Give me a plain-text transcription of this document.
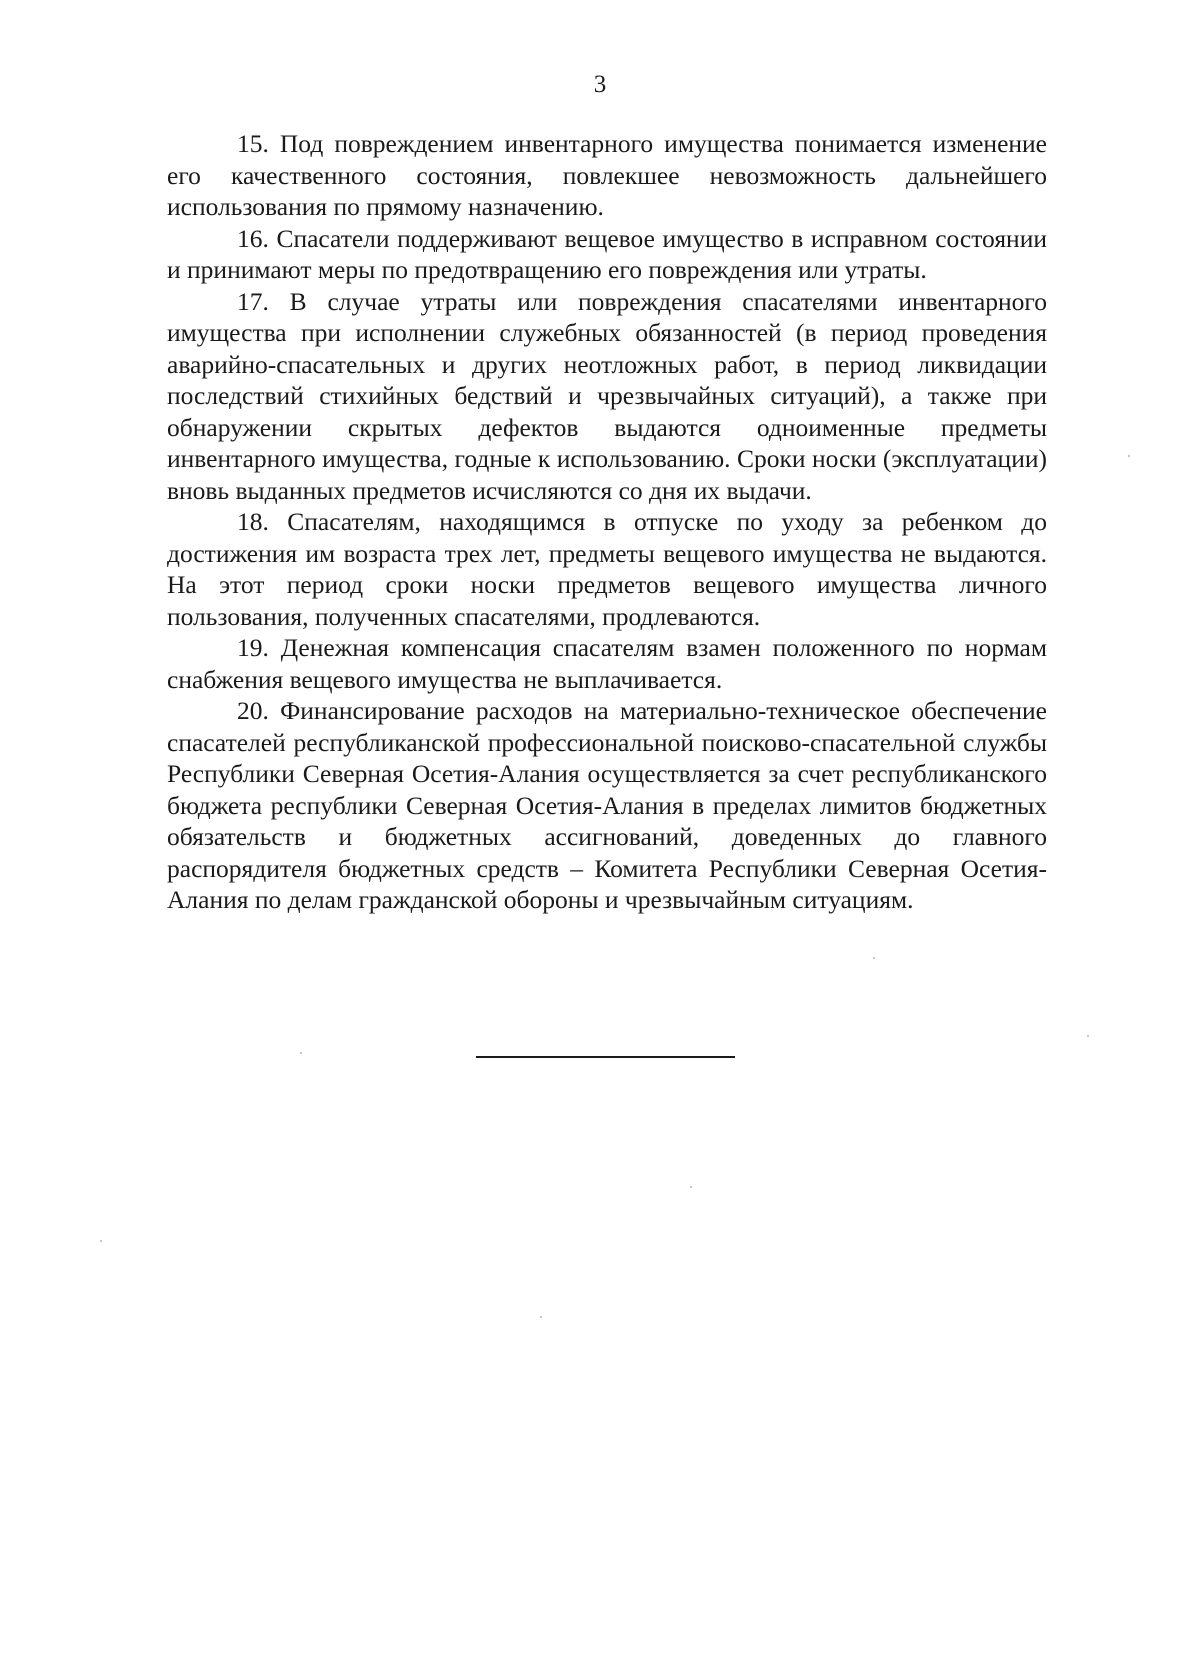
3

15. Под повреждением инвентарного имущества понимается изменение его качественного состояния, повлекшее невозможность дальнейшего использования по прямому назначению.

16. Спасатели поддерживают вещевое имущество в исправном состоянии и принимают меры по предотвращению его повреждения или утраты.

17. В случае утраты или повреждения спасателями инвентарного имущества при исполнении служебных обязанностей (в период проведения аварийно-спасательных и других неотложных работ, в период ликвидации последствий стихийных бедствий и чрезвычайных ситуаций), а также при обнаружении скрытых дефектов выдаются одноименные предметы инвентарного имущества, годные к использованию. Сроки носки (эксплуатации) вновь выданных предметов исчисляются со дня их выдачи.

18. Спасателям, находящимся в отпуске по уходу за ребенком до достижения им возраста трех лет, предметы вещевого имущества не выдаются. На этот период сроки носки предметов вещевого имущества личного пользования, полученных спасателями, продлеваются.

19. Денежная компенсация спасателям взамен положенного по нормам снабжения вещевого имущества не выплачивается.

20. Финансирование расходов на материально-техническое обеспечение спасателей республиканской профессиональной поисково-спасательной службы Республики Северная Осетия-Алания осуществляется за счет республиканского бюджета республики Северная Осетия-Алания в пределах лимитов бюджетных обязательств и бюджетных ассигнований, доведенных до главного распорядителя бюджетных средств – Комитета Республики Северная Осетия-Алания по делам гражданской обороны и чрезвычайным ситуациям.
